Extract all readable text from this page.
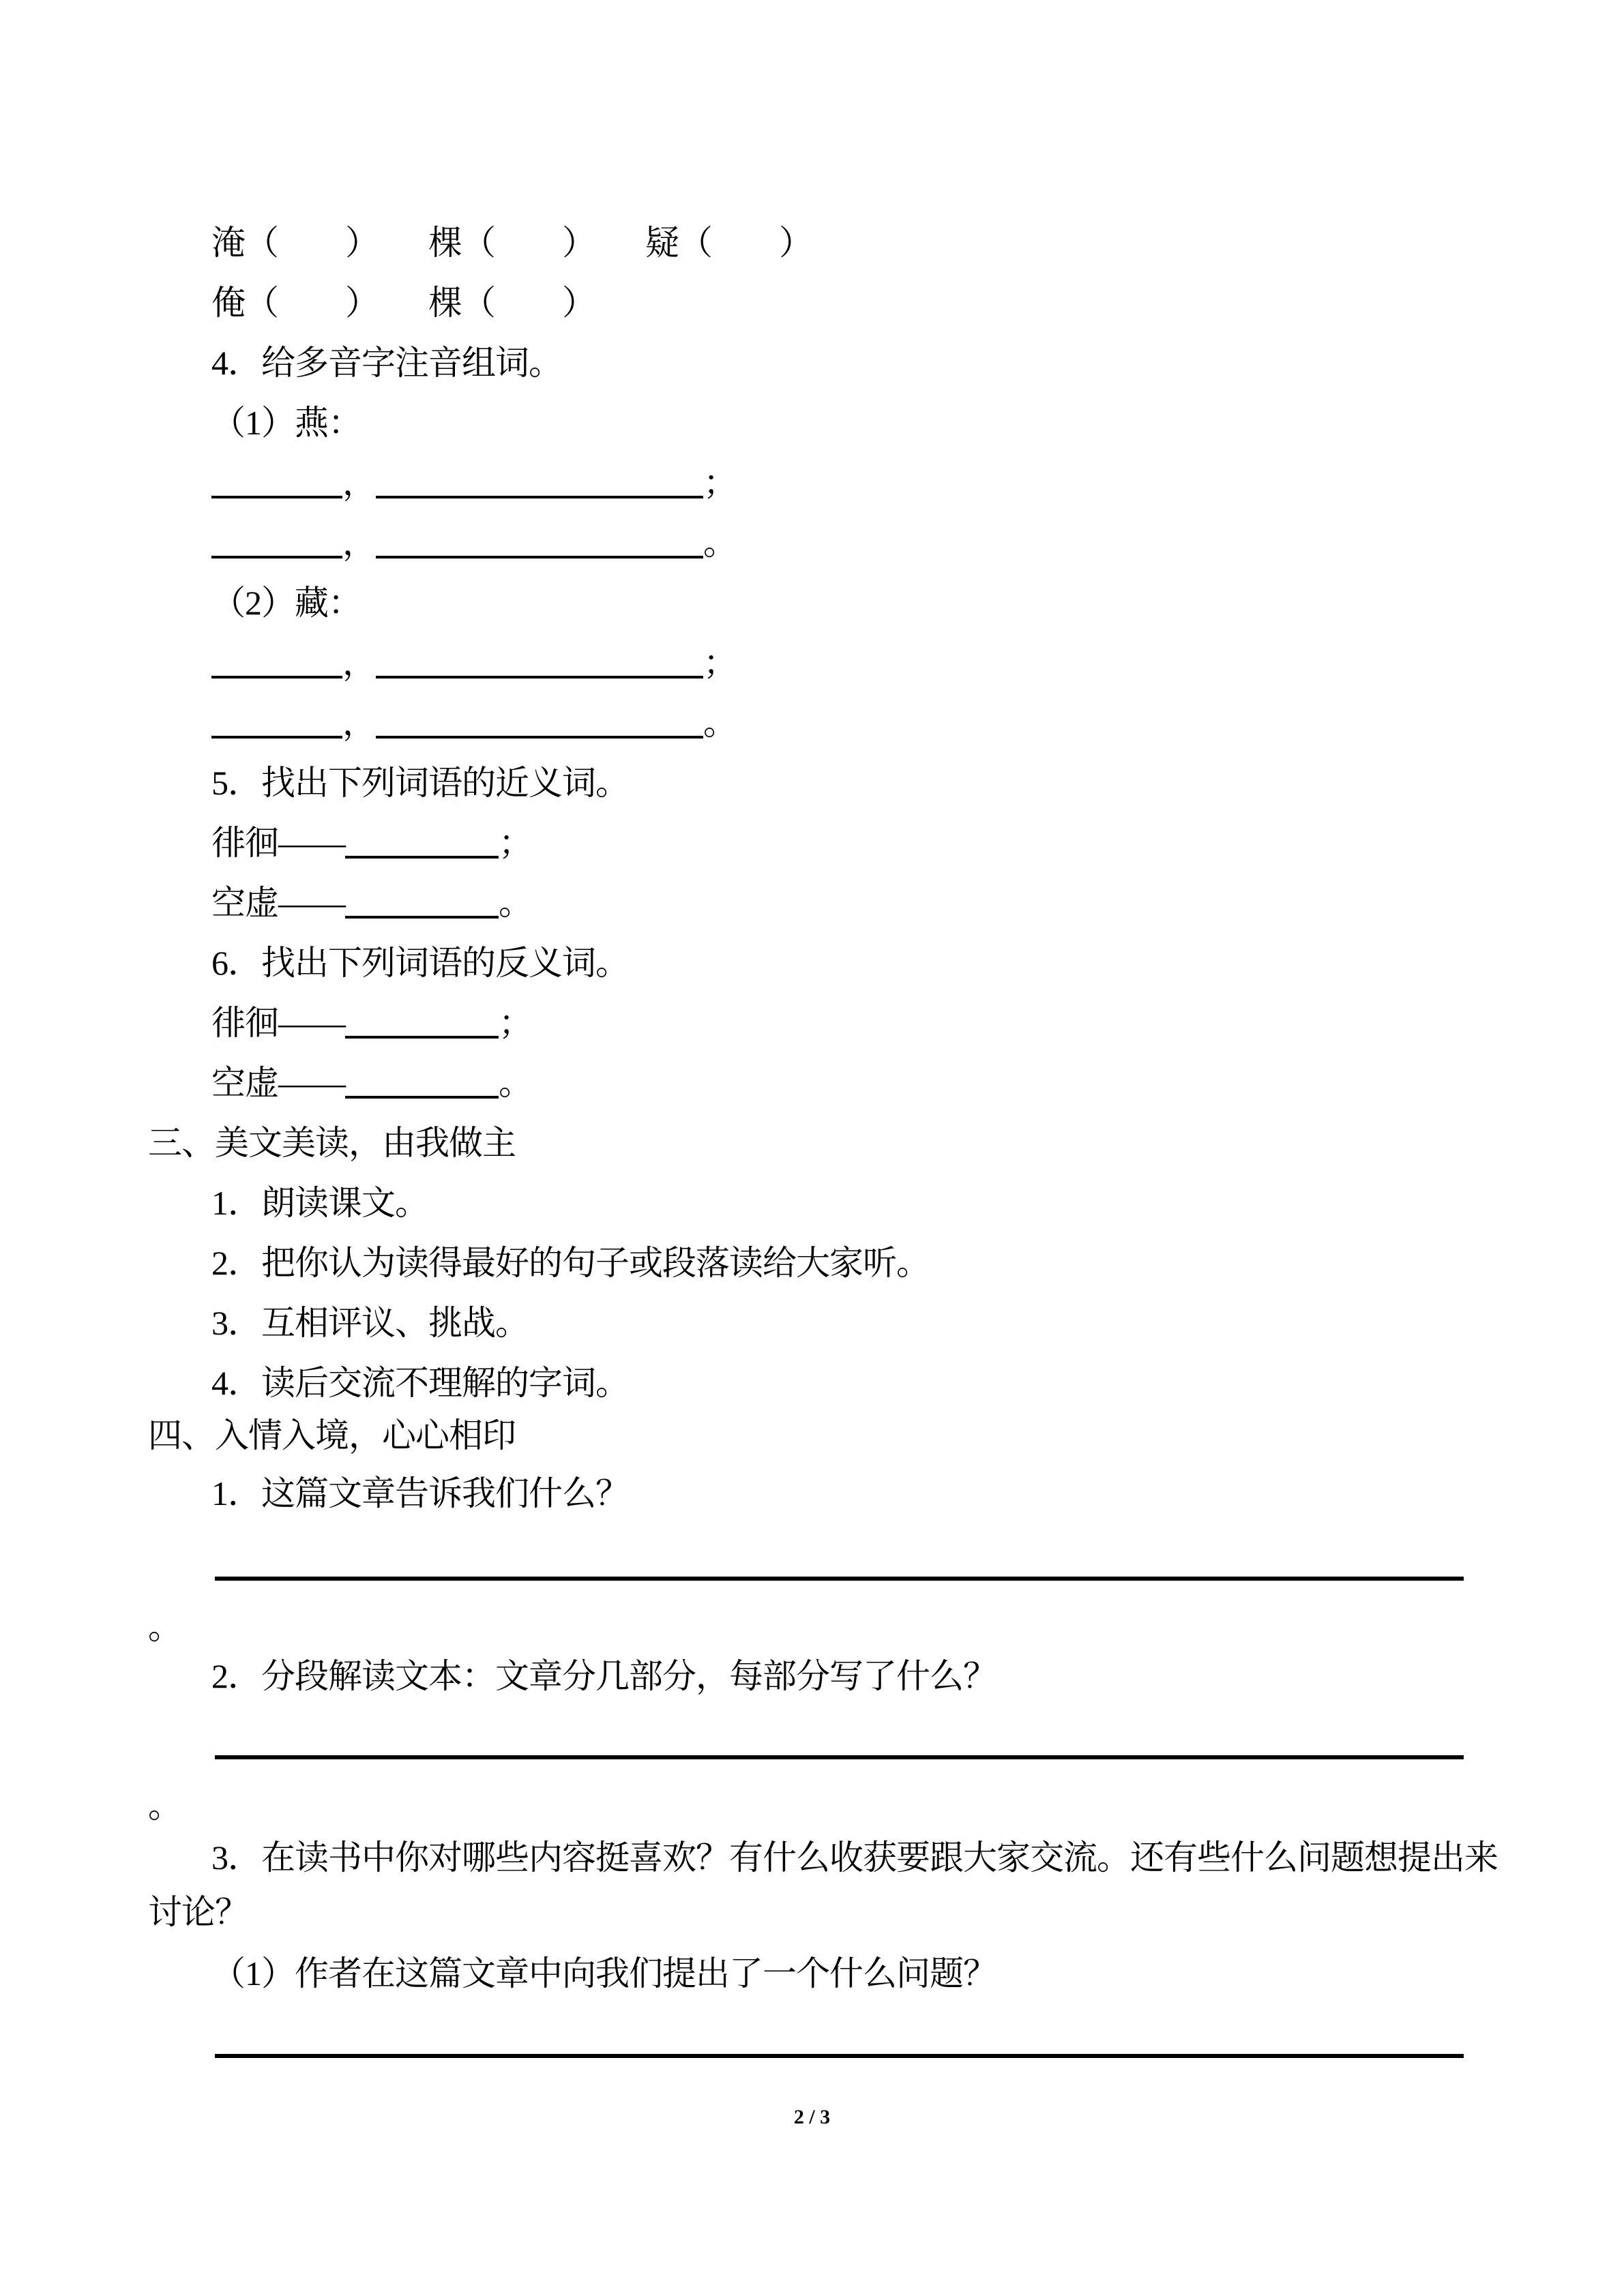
淹（　　）　　棵（　　）　　疑（　　）
俺（　　）　　棵（　　）
4．给多音字注音组词。
（1）燕：
，	；
，	。
（2）藏：
，	；
，	。
5．找出下列词语的近义词。
徘徊——	；
空虚——	。
6．找出下列词语的反义词。
徘徊——	；
空虚——	。
三、美文美读，由我做主
1．朗读课文。
2．把你认为读得最好的句子或段落读给大家听。
3．互相评议、挑战。
4．读后交流不理解的字词。
四、入情入境，心心相印
1．这篇文章告诉我们什么？
。
2．分段解读文本：文章分几部分，每部分写了什么？
。
3．在读书中你对哪些内容挺喜欢？有什么收获要跟大家交流。还有些什么问题想提出来
讨论？
（1）作者在这篇文章中向我们提出了一个什么问题？
2 / 3
